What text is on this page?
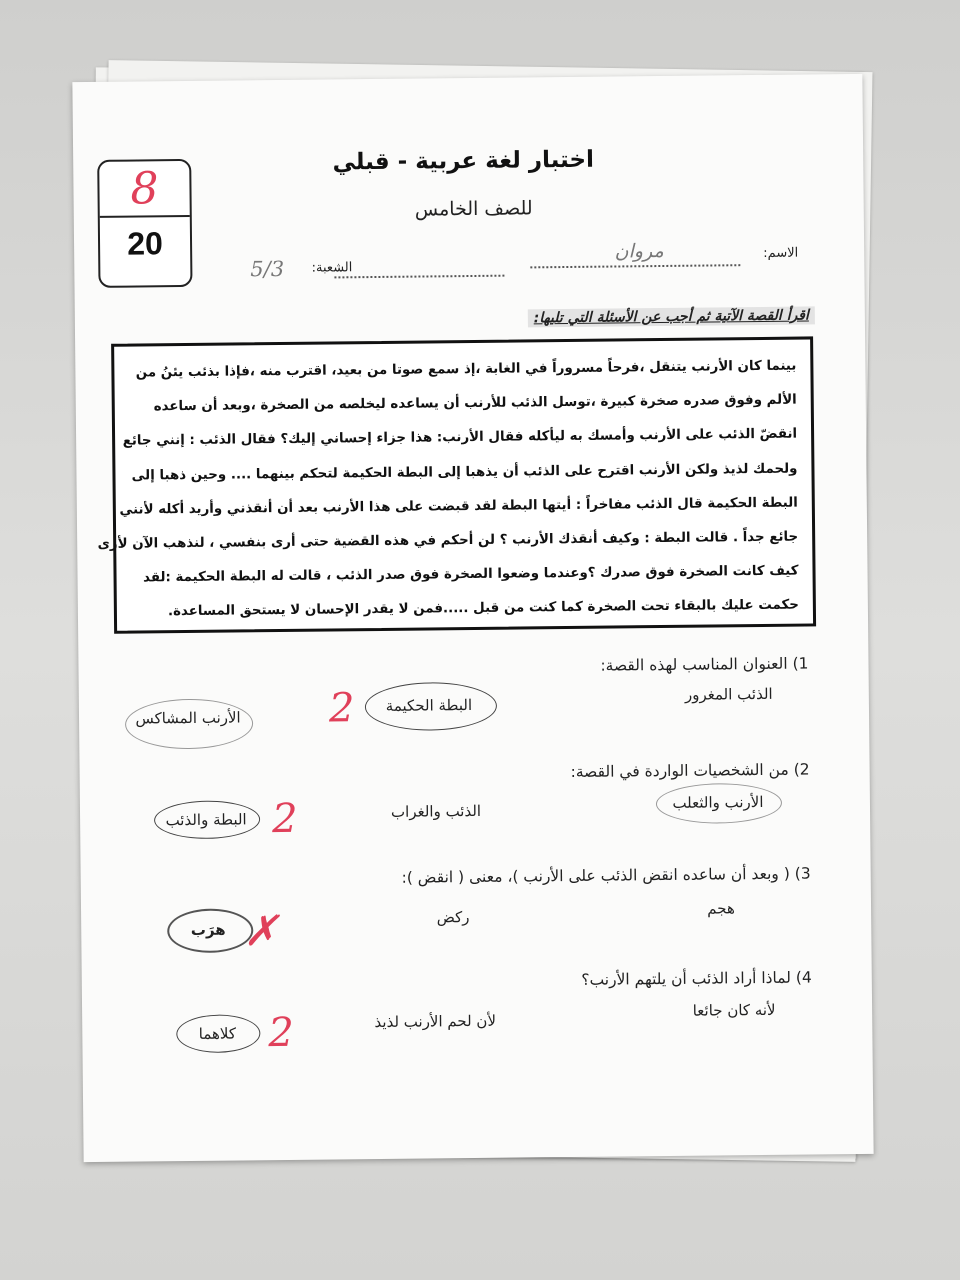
8
20
اختبار لغة عربية - قبلي
للصف الخامس
الاسم:
مروان
الشعبة:
5/3
اقرأ القصة الآتية ثم أجب عن الأسئلة التي تليها:
بينما كان الأرنب يتنقل ،فرحاً مسروراً في الغابة ،إذ سمع صوتا من بعيد، اقترب منه ،فإذا بذئب يئنُ من
الألم وفوق صدره صخرة كبيرة ،توسل الذئب للأرنب أن يساعده ليخلصه من الصخرة ،وبعد أن ساعده
انقضّ الذئب على الأرنب وأمسك به ليأكله فقال الأرنب: هذا جزاء إحساني إليك؟ فقال الذئب : إنني جائع
ولحمك لذيذ ولكن الأرنب اقترح على الذئب أن يذهبا إلى البطة الحكيمة لتحكم بينهما .... وحين ذهبا إلى
البطة الحكيمة قال الذئب مفاخراً : أيتها البطة لقد قبضت على هذا الأرنب بعد أن أنقذني وأريد أكله لأنني
جائع جداً . قالت البطة : وكيف أنقذك الأرنب ؟ لن أحكم في هذه القضية حتى أرى بنفسي ، لنذهب الآن لأرى
كيف كانت الصخرة فوق صدرك ؟وعندما وضعوا الصخرة فوق صدر الذئب ، قالت له البطة الحكيمة :لقد
حكمت عليك بالبقاء تحت الصخرة كما كنت من قبل .....فمن لا يقدر الإحسان لا يستحق المساعدة.
1) العنوان المناسب لهذه القصة:
الذئب المغرور
البطة الحكيمة
الأرنب المشاكس	2
2) من الشخصيات الواردة في القصة:
الأرنب والثعلب
الذئب والغراب
البطة والذئب 2
3) ( وبعد أن ساعده انقض الذئب على الأرنب )، معنى ( انقض ):
هجم
ركض
هرَب ✗
4) لماذا أراد الذئب أن يلتهم الأرنب؟
لأنه كان جائعا
لأن لحم الأرنب لذيذ
كلاهما 2
